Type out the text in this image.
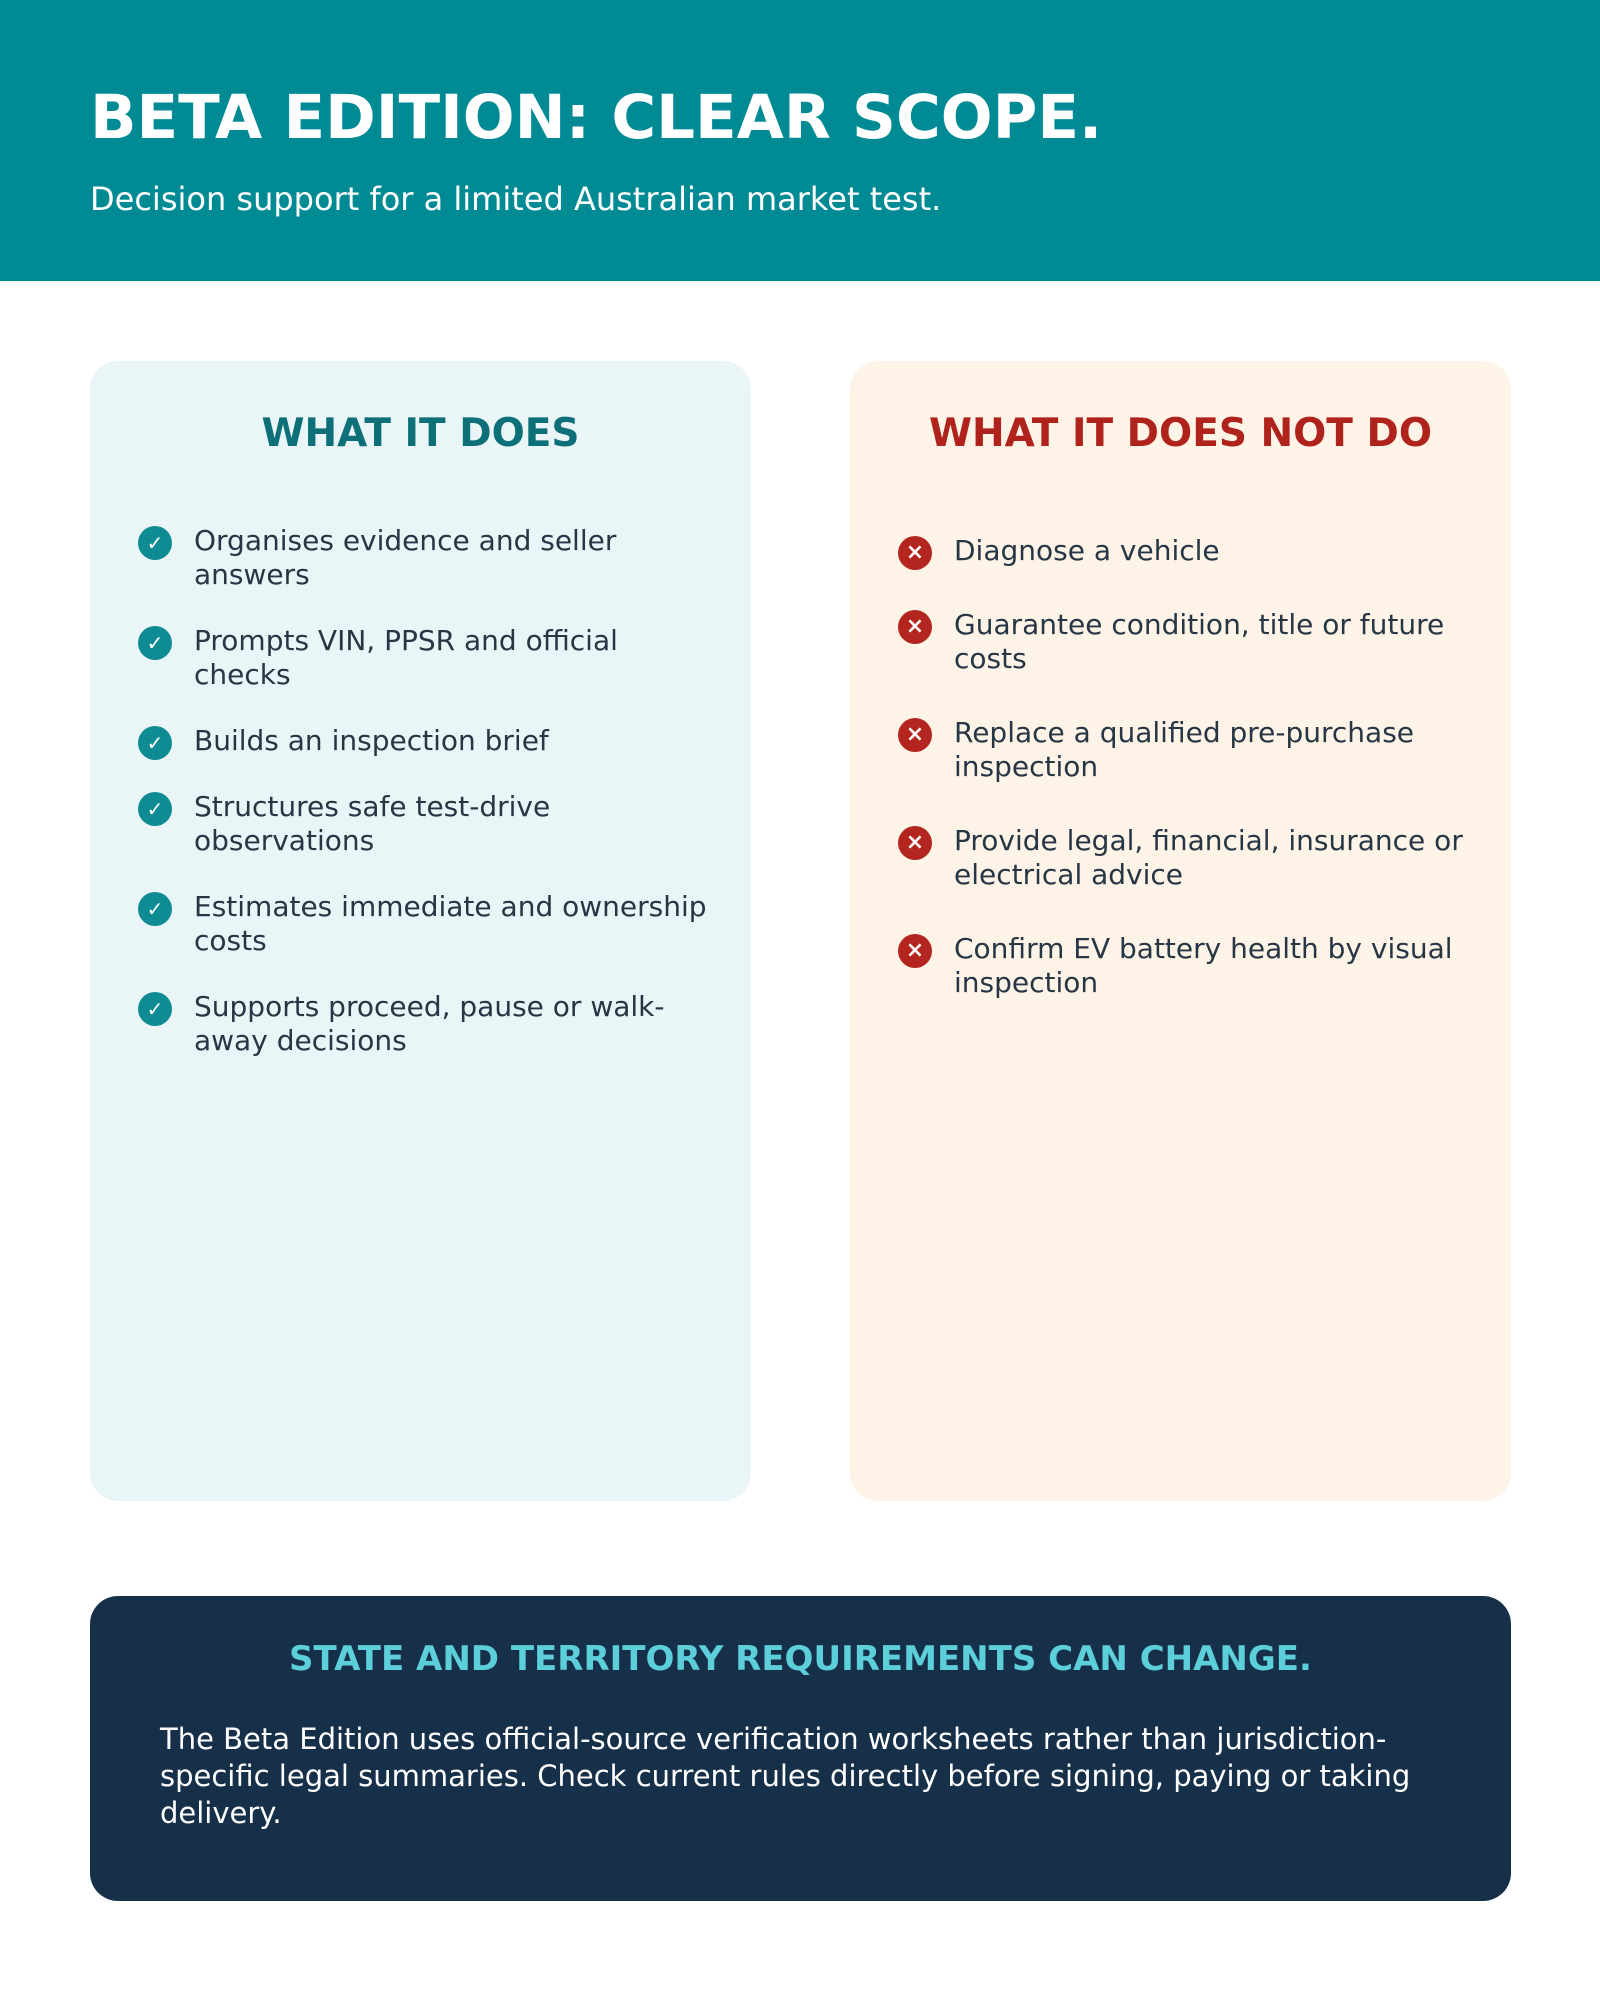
BETA EDITION: CLEAR SCOPE.

Decision support for a limited Australian market test.

WHAT IT DOES
✓	Organises evidence and seller answers
✓	Prompts VIN, PPSR and official checks
✓	Builds an inspection brief
✓	Structures safe test-drive observations
✓	Estimates immediate and ownership costs
✓	Supports proceed, pause or walk-away decisions
WHAT IT DOES NOT DO
× Diagnose a vehicle
× Guarantee condition, title or future costs
× Replace a qualified pre-purchase inspection
× Provide legal, financial, insurance or electrical advice
× Confirm EV battery health by visual inspection
STATE AND TERRITORY REQUIREMENTS CAN CHANGE.

The Beta Edition uses official-source verification worksheets rather than jurisdiction-specific legal summaries. Check current rules directly before signing, paying or taking delivery.
